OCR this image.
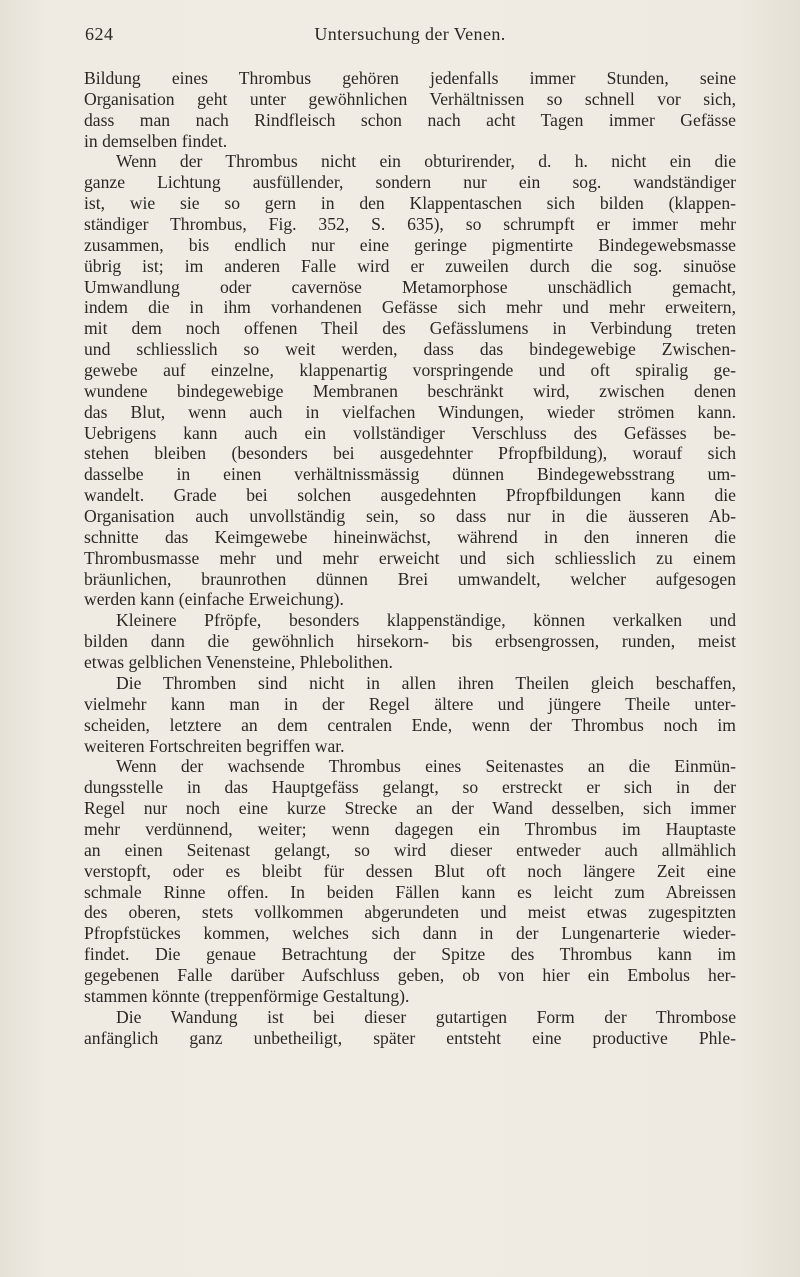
624	Untersuchung der Venen.
Bildung eines Thrombus gehören jedenfalls immer Stunden, seine
Organisation geht unter gewöhnlichen Verhältnissen so schnell vor sich,
dass man nach Rindfleisch schon nach acht Tagen immer Gefässe
in demselben findet.
Wenn der Thrombus nicht ein obturirender, d. h. nicht ein die
ganze Lichtung ausfüllender, sondern nur ein sog. wandständiger
ist, wie sie so gern in den Klappentaschen sich bilden (klappen-
ständiger Thrombus, Fig. 352, S. 635), so schrumpft er immer mehr
zusammen, bis endlich nur eine geringe pigmentirte Bindegewebsmasse
übrig ist; im anderen Falle wird er zuweilen durch die sog. sinuöse
Umwandlung oder cavernöse Metamorphose unschädlich gemacht,
indem die in ihm vorhandenen Gefässe sich mehr und mehr erweitern,
mit dem noch offenen Theil des Gefässlumens in Verbindung treten
und schliesslich so weit werden, dass das bindegewebige Zwischen-
gewebe auf einzelne, klappenartig vorspringende und oft spiralig ge-
wundene bindegewebige Membranen beschränkt wird, zwischen denen
das Blut, wenn auch in vielfachen Windungen, wieder strömen kann.
Uebrigens kann auch ein vollständiger Verschluss des Gefässes be-
stehen bleiben (besonders bei ausgedehnter Pfropfbildung), worauf sich
dasselbe in einen verhältnissmässig dünnen Bindegewebsstrang um-
wandelt. Grade bei solchen ausgedehnten Pfropfbildungen kann die
Organisation auch unvollständig sein, so dass nur in die äusseren Ab-
schnitte das Keimgewebe hineinwächst, während in den inneren die
Thrombusmasse mehr und mehr erweicht und sich schliesslich zu einem
bräunlichen, braunrothen dünnen Brei umwandelt, welcher aufgesogen
werden kann (einfache Erweichung).
Kleinere Pfröpfe, besonders klappenständige, können verkalken und
bilden dann die gewöhnlich hirsekorn- bis erbsengrossen, runden, meist
etwas gelblichen Venensteine, Phlebolithen.
Die Thromben sind nicht in allen ihren Theilen gleich beschaffen,
vielmehr kann man in der Regel ältere und jüngere Theile unter-
scheiden, letztere an dem centralen Ende, wenn der Thrombus noch im
weiteren Fortschreiten begriffen war.
Wenn der wachsende Thrombus eines Seitenastes an die Einmün-
dungsstelle in das Hauptgefäss gelangt, so erstreckt er sich in der
Regel nur noch eine kurze Strecke an der Wand desselben, sich immer
mehr verdünnend, weiter; wenn dagegen ein Thrombus im Hauptaste
an einen Seitenast gelangt, so wird dieser entweder auch allmählich
verstopft, oder es bleibt für dessen Blut oft noch längere Zeit eine
schmale Rinne offen. In beiden Fällen kann es leicht zum Abreissen
des oberen, stets vollkommen abgerundeten und meist etwas zugespitzten
Pfropfstückes kommen, welches sich dann in der Lungenarterie wieder-
findet. Die genaue Betrachtung der Spitze des Thrombus kann im
gegebenen Falle darüber Aufschluss geben, ob von hier ein Embolus her-
stammen könnte (treppenförmige Gestaltung).
Die Wandung ist bei dieser gutartigen Form der Thrombose
anfänglich ganz unbetheiligt, später entsteht eine productive Phle-
